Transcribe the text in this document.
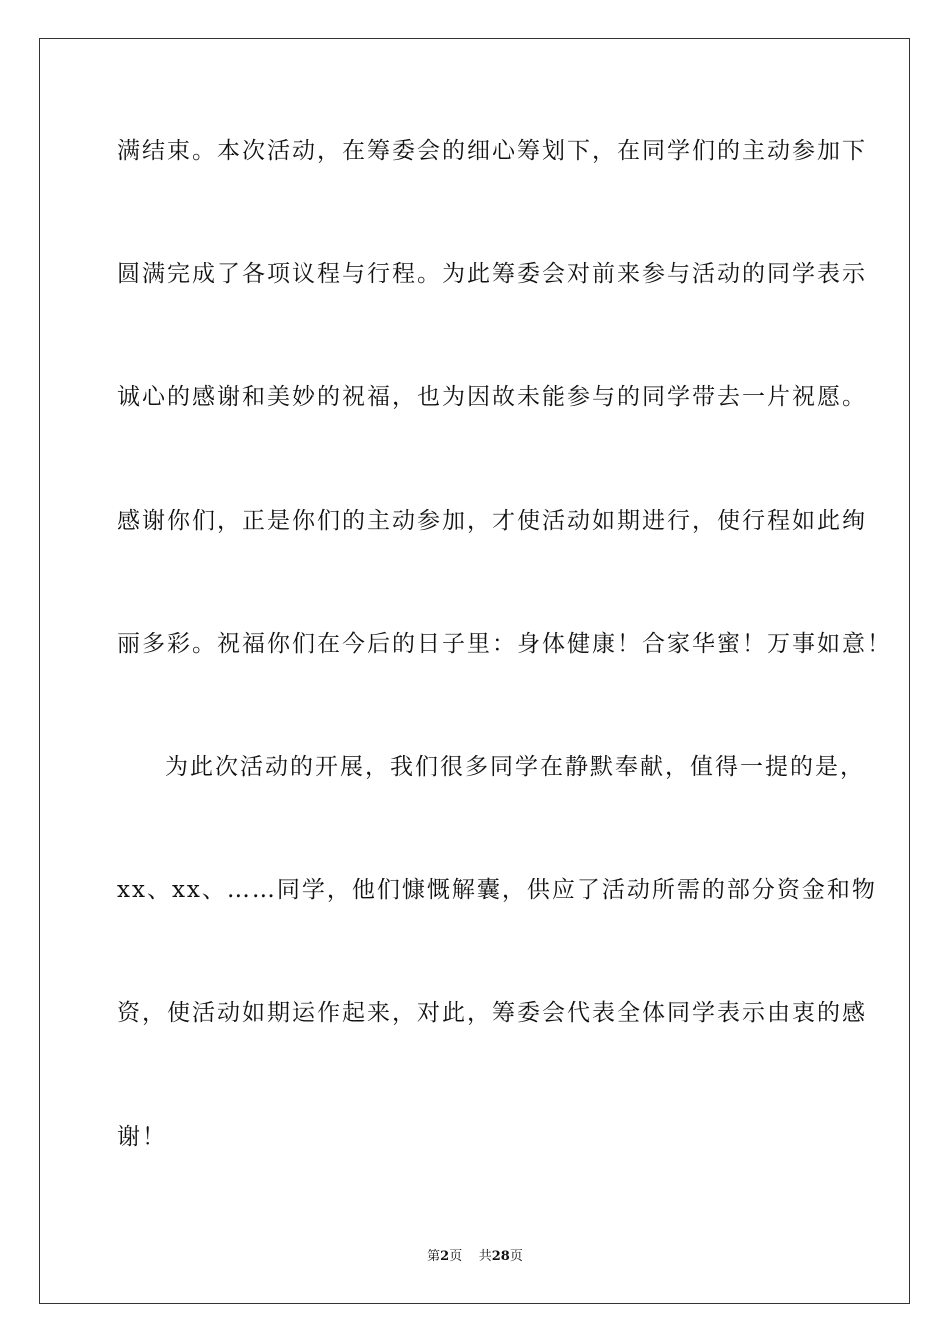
满结束。本次活动，在筹委会的细心筹划下，在同学们的主动参加下
圆满完成了各项议程与行程。为此筹委会对前来参与活动的同学表示
诚心的感谢和美妙的祝福，也为因故未能参与的同学带去一片祝愿。
感谢你们，正是你们的主动参加，才使活动如期进行，使行程如此绚
丽多彩。祝福你们在今后的日子里：身体健康！合家华蜜！万事如意！
为此次活动的开展，我们很多同学在静默奉献，值得一提的是，
xx、xx、……同学，他们慷慨解囊，供应了活动所需的部分资金和物
资，使活动如期运作起来，对此，筹委会代表全体同学表示由衷的感
谢！
第2页 共28页
